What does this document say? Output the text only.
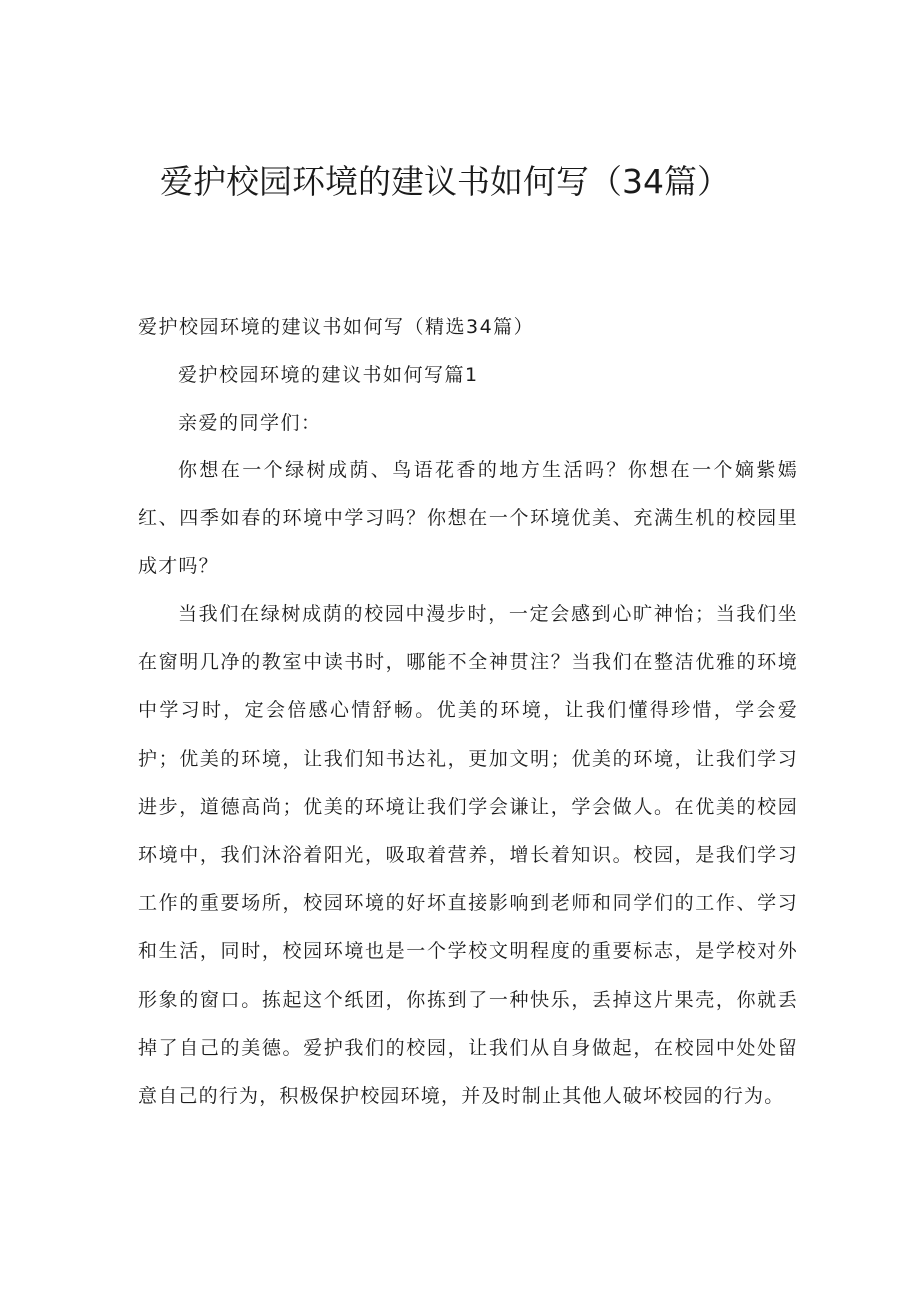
爱护校园环境的建议书如何写（34篇）

爱护校园环境的建议书如何写（精选34篇）

爱护校园环境的建议书如何写篇1

亲爱的同学们：

你想在一个绿树成荫、鸟语花香的地方生活吗？你想在一个嫡紫嫣红、四季如春的环境中学习吗？你想在一个环境优美、充满生机的校园里成才吗？

当我们在绿树成荫的校园中漫步时，一定会感到心旷神怡；当我们坐在窗明几净的教室中读书时，哪能不全神贯注？当我们在整洁优雅的环境中学习时，定会倍感心情舒畅。优美的环境，让我们懂得珍惜，学会爱护；优美的环境，让我们知书达礼，更加文明；优美的环境，让我们学习进步，道德高尚；优美的环境让我们学会谦让，学会做人。在优美的校园环境中，我们沐浴着阳光，吸取着营养，增长着知识。校园，是我们学习工作的重要场所，校园环境的好坏直接影响到老师和同学们的工作、学习和生活，同时，校园环境也是一个学校文明程度的重要标志，是学校对外形象的窗口。拣起这个纸团，你拣到了一种快乐，丢掉这片果壳，你就丢掉了自己的美德。爱护我们的校园，让我们从自身做起，在校园中处处留意自己的行为，积极保护校园环境，并及时制止其他人破坏校园的行为。
